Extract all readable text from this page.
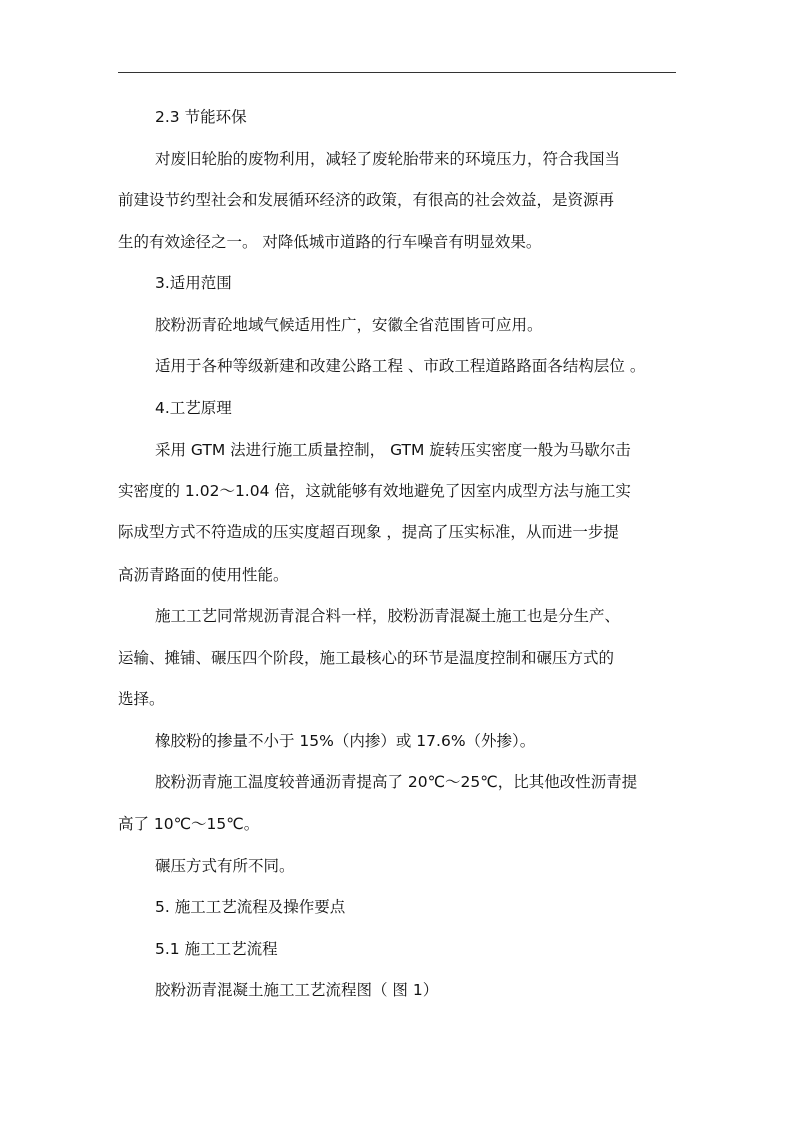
2.3 节能环保
对废旧轮胎的废物利用，减轻了废轮胎带来的环境压力，符合我国当
前建设节约型社会和发展循环经济的政策，有很高的社会效益，是资源再
生的有效途径之一。 对降低城市道路的行车噪音有明显效果。
3.适用范围
胶粉沥青砼地域气候适用性广，安徽全省范围皆可应用。
适用于各种等级新建和改建公路工程 、市政工程道路路面各结构层位 。
4.工艺原理
采用 GTM 法进行施工质量控制， GTM 旋转压实密度一般为马歇尔击
实密度的 1.02～1.04 倍，这就能够有效地避免了因室内成型方法与施工实
际成型方式不符造成的压实度超百现象 ，提高了压实标准，从而进一步提
高沥青路面的使用性能。
施工工艺同常规沥青混合料一样，胶粉沥青混凝土施工也是分生产、
运输、摊铺、碾压四个阶段，施工最核心的环节是温度控制和碾压方式的
选择。
橡胶粉的掺量不小于 15%（内掺）或 17.6%（外掺）。
胶粉沥青施工温度较普通沥青提高了 20℃～25℃，比其他改性沥青提
高了 10℃～15℃。
碾压方式有所不同。
5. 施工工艺流程及操作要点
5.1 施工工艺流程
胶粉沥青混凝土施工工艺流程图（ 图 1）
